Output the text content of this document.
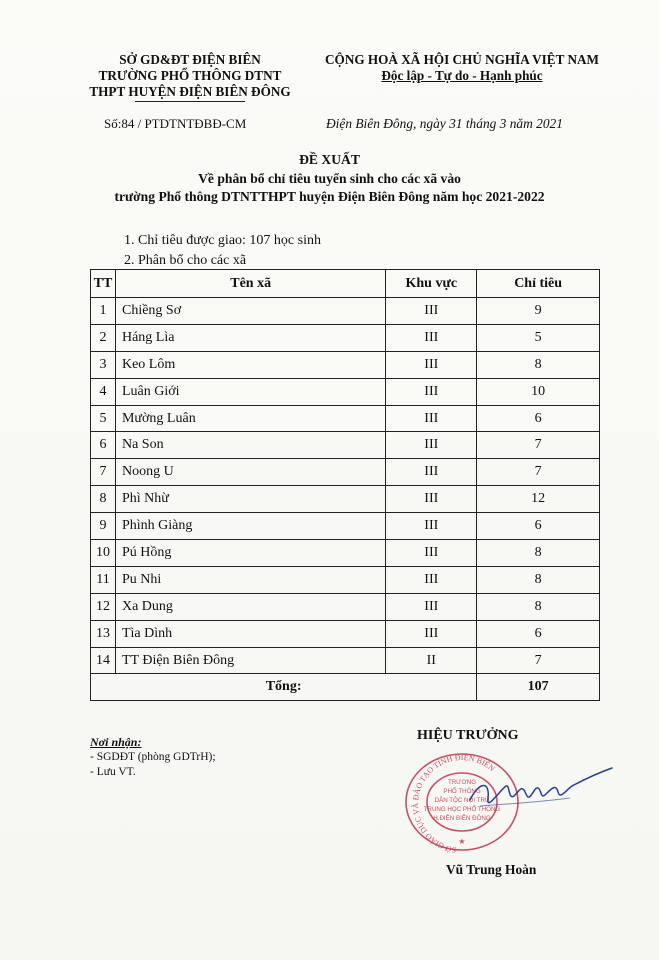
SỞ GD&ĐT ĐIỆN BIÊN
TRƯỜNG PHỔ THÔNG DTNT
THPT HUYỆN ĐIỆN BIÊN ĐÔNG
CỘNG HOÀ XÃ HỘI CHỦ NGHĨA VIỆT NAM
Độc lập - Tự do - Hạnh phúc
Số:84 / PTDTNTĐBĐ-CM	Điện Biên Đông, ngày 31 tháng 3 năm 2021
ĐỀ XUẤT
Về phân bổ chỉ tiêu tuyển sinh cho các xã vào
trường Phổ thông DTNTTHPT huyện Điện Biên Đông năm học 2021-2022
1. Chỉ tiêu được giao: 107 học sinh
2. Phân bổ cho các xã
TT	Tên xã	Khu vực	Chỉ tiêu
1	Chiềng Sơ	III	9
2	Háng Lìa	III	5
3	Keo Lôm	III	8
4	Luân Giới	III	10
5	Mường Luân	III	6
6	Na Son	III	7
7	Noong U	III	7
8	Phì Nhừ	III	12
9	Phình Giàng	III	6
10	Pú Hồng	III	8
11	Pu Nhi	III	8
12	Xa Dung	III	8
13	Tìa Dình	III	6
14	TT Điện Biên Đông	II	7
Tổng:			107
Nơi nhận:
- SGDĐT (phòng GDTrH);
- Lưu VT.
HIỆU TRƯỞNG
SỞ GIÁO DỤC VÀ ĐÀO TẠO TỈNH ĐIỆN BIÊN
TRƯỜNG
PHỔ THÔNG
DÂN TỘC NỘI TRÚ
TRUNG HỌC PHỔ THÔNG
H.ĐIỆN BIÊN ĐÔNG
★
Vũ Trung Hoàn
